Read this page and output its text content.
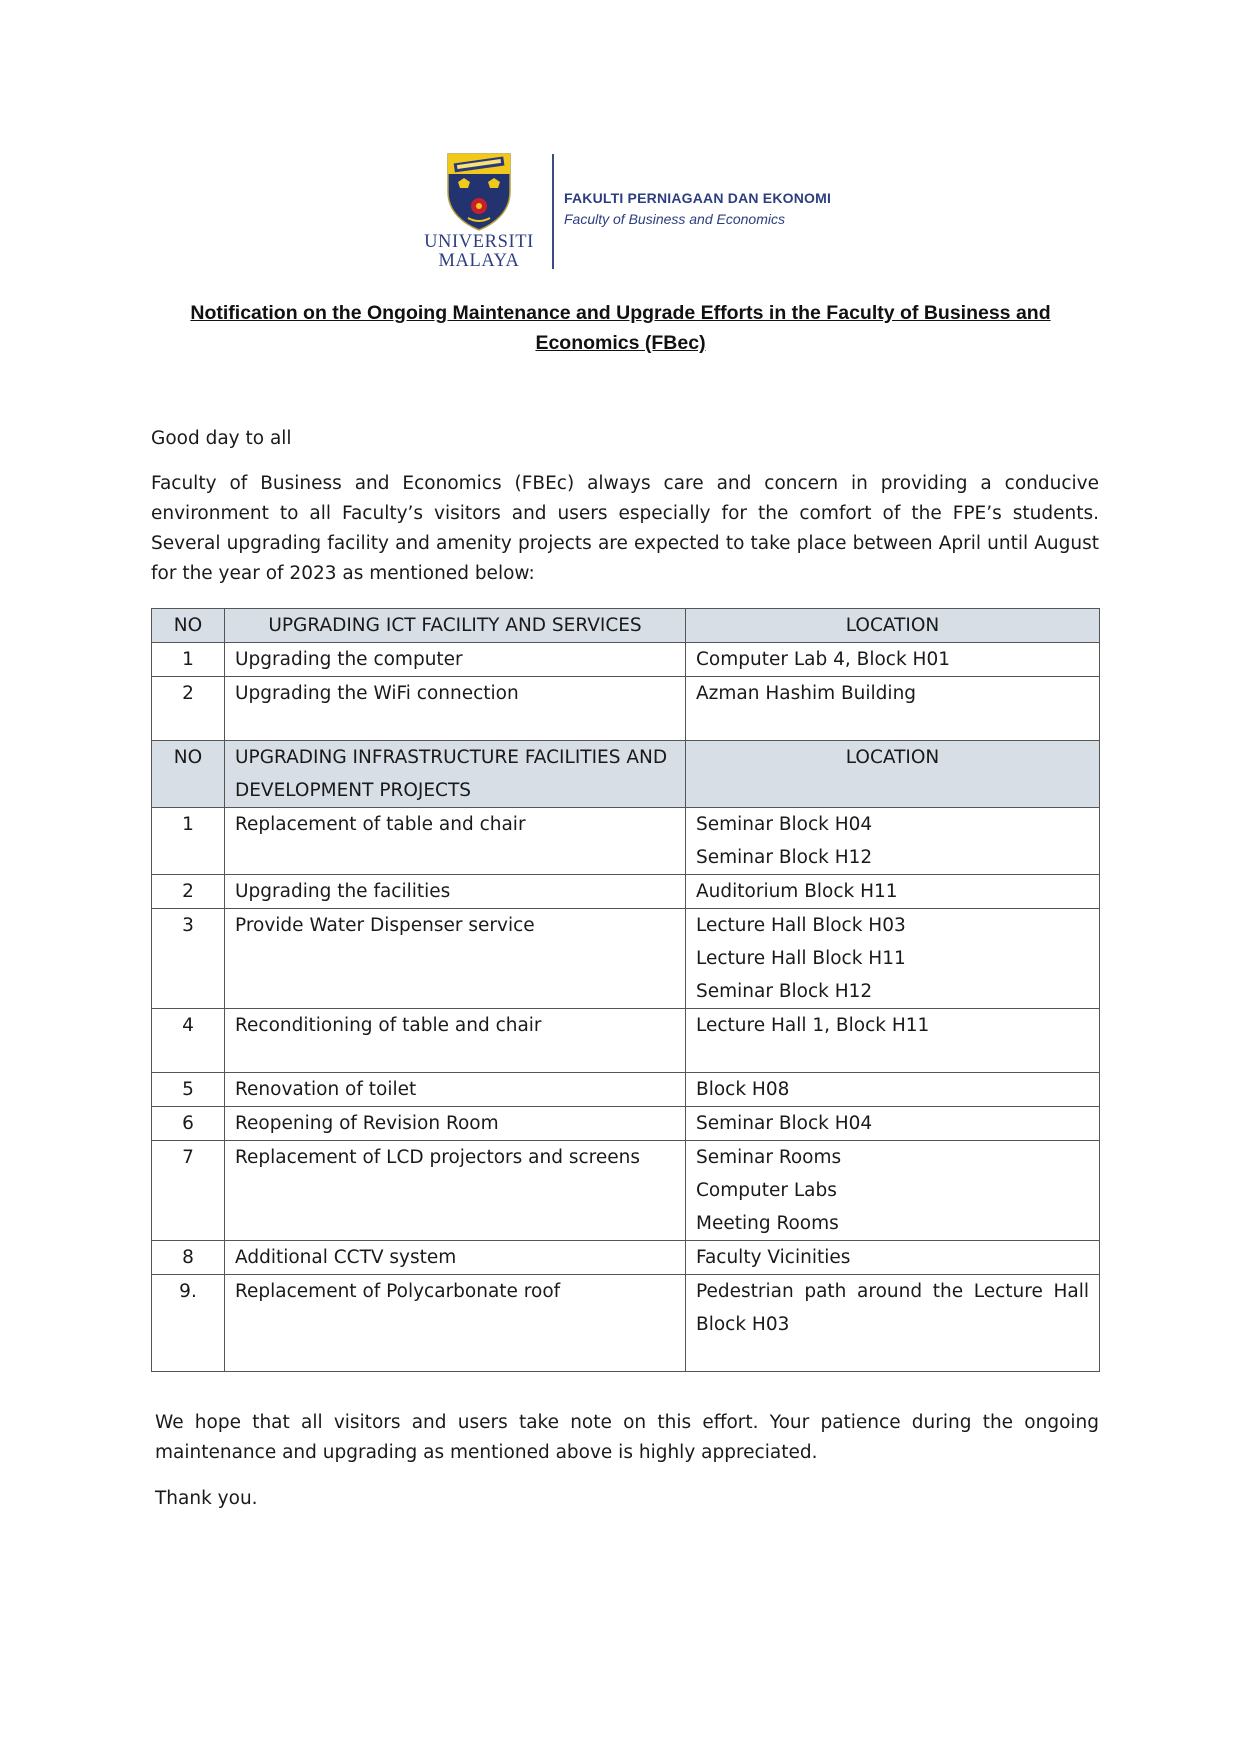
UNIVERSITI
MALAYA
FAKULTI PERNIAGAAN DAN EKONOMI
Faculty of Business and Economics
Notification on the Ongoing Maintenance and Upgrade Efforts in the Faculty of Business and Economics (FBec)
Good day to all
Faculty of Business and Economics (FBEc) always care and concern in providing a conducive environment to all Faculty’s visitors and users especially for the comfort of the FPE’s students. Several upgrading facility and amenity projects are expected to take place between April until August for the year of 2023 as mentioned below:
NO	UPGRADING ICT FACILITY AND SERVICES	LOCATION
1	Upgrading the computer	Computer Lab 4, Block H01

2	Upgrading the WiFi connection	Azman Hashim Building

NO	UPGRADING INFRASTRUCTURE FACILITIES AND DEVELOPMENT PROJECTS	LOCATION
1	Replacement of table and chair	Seminar Block H04
Seminar Block H12

2	Upgrading the facilities	Auditorium Block H11

3	Provide Water Dispenser service	Lecture Hall Block H03
Lecture Hall Block H11
Seminar Block H12

4	Reconditioning of table and chair	Lecture Hall 1, Block H11

5	Renovation of toilet	Block H08

6	Reopening of Revision Room	Seminar Block H04

7	Replacement of LCD projectors and screens	Seminar Rooms
Computer Labs
Meeting Rooms

8	Additional CCTV system	Faculty Vicinities

9.	Replacement of Polycarbonate roof	Pedestrian path around the Lecture Hall Block H03
We hope that all visitors and users take note on this effort. Your patience during the ongoing maintenance and upgrading as mentioned above is highly appreciated.
Thank you.
